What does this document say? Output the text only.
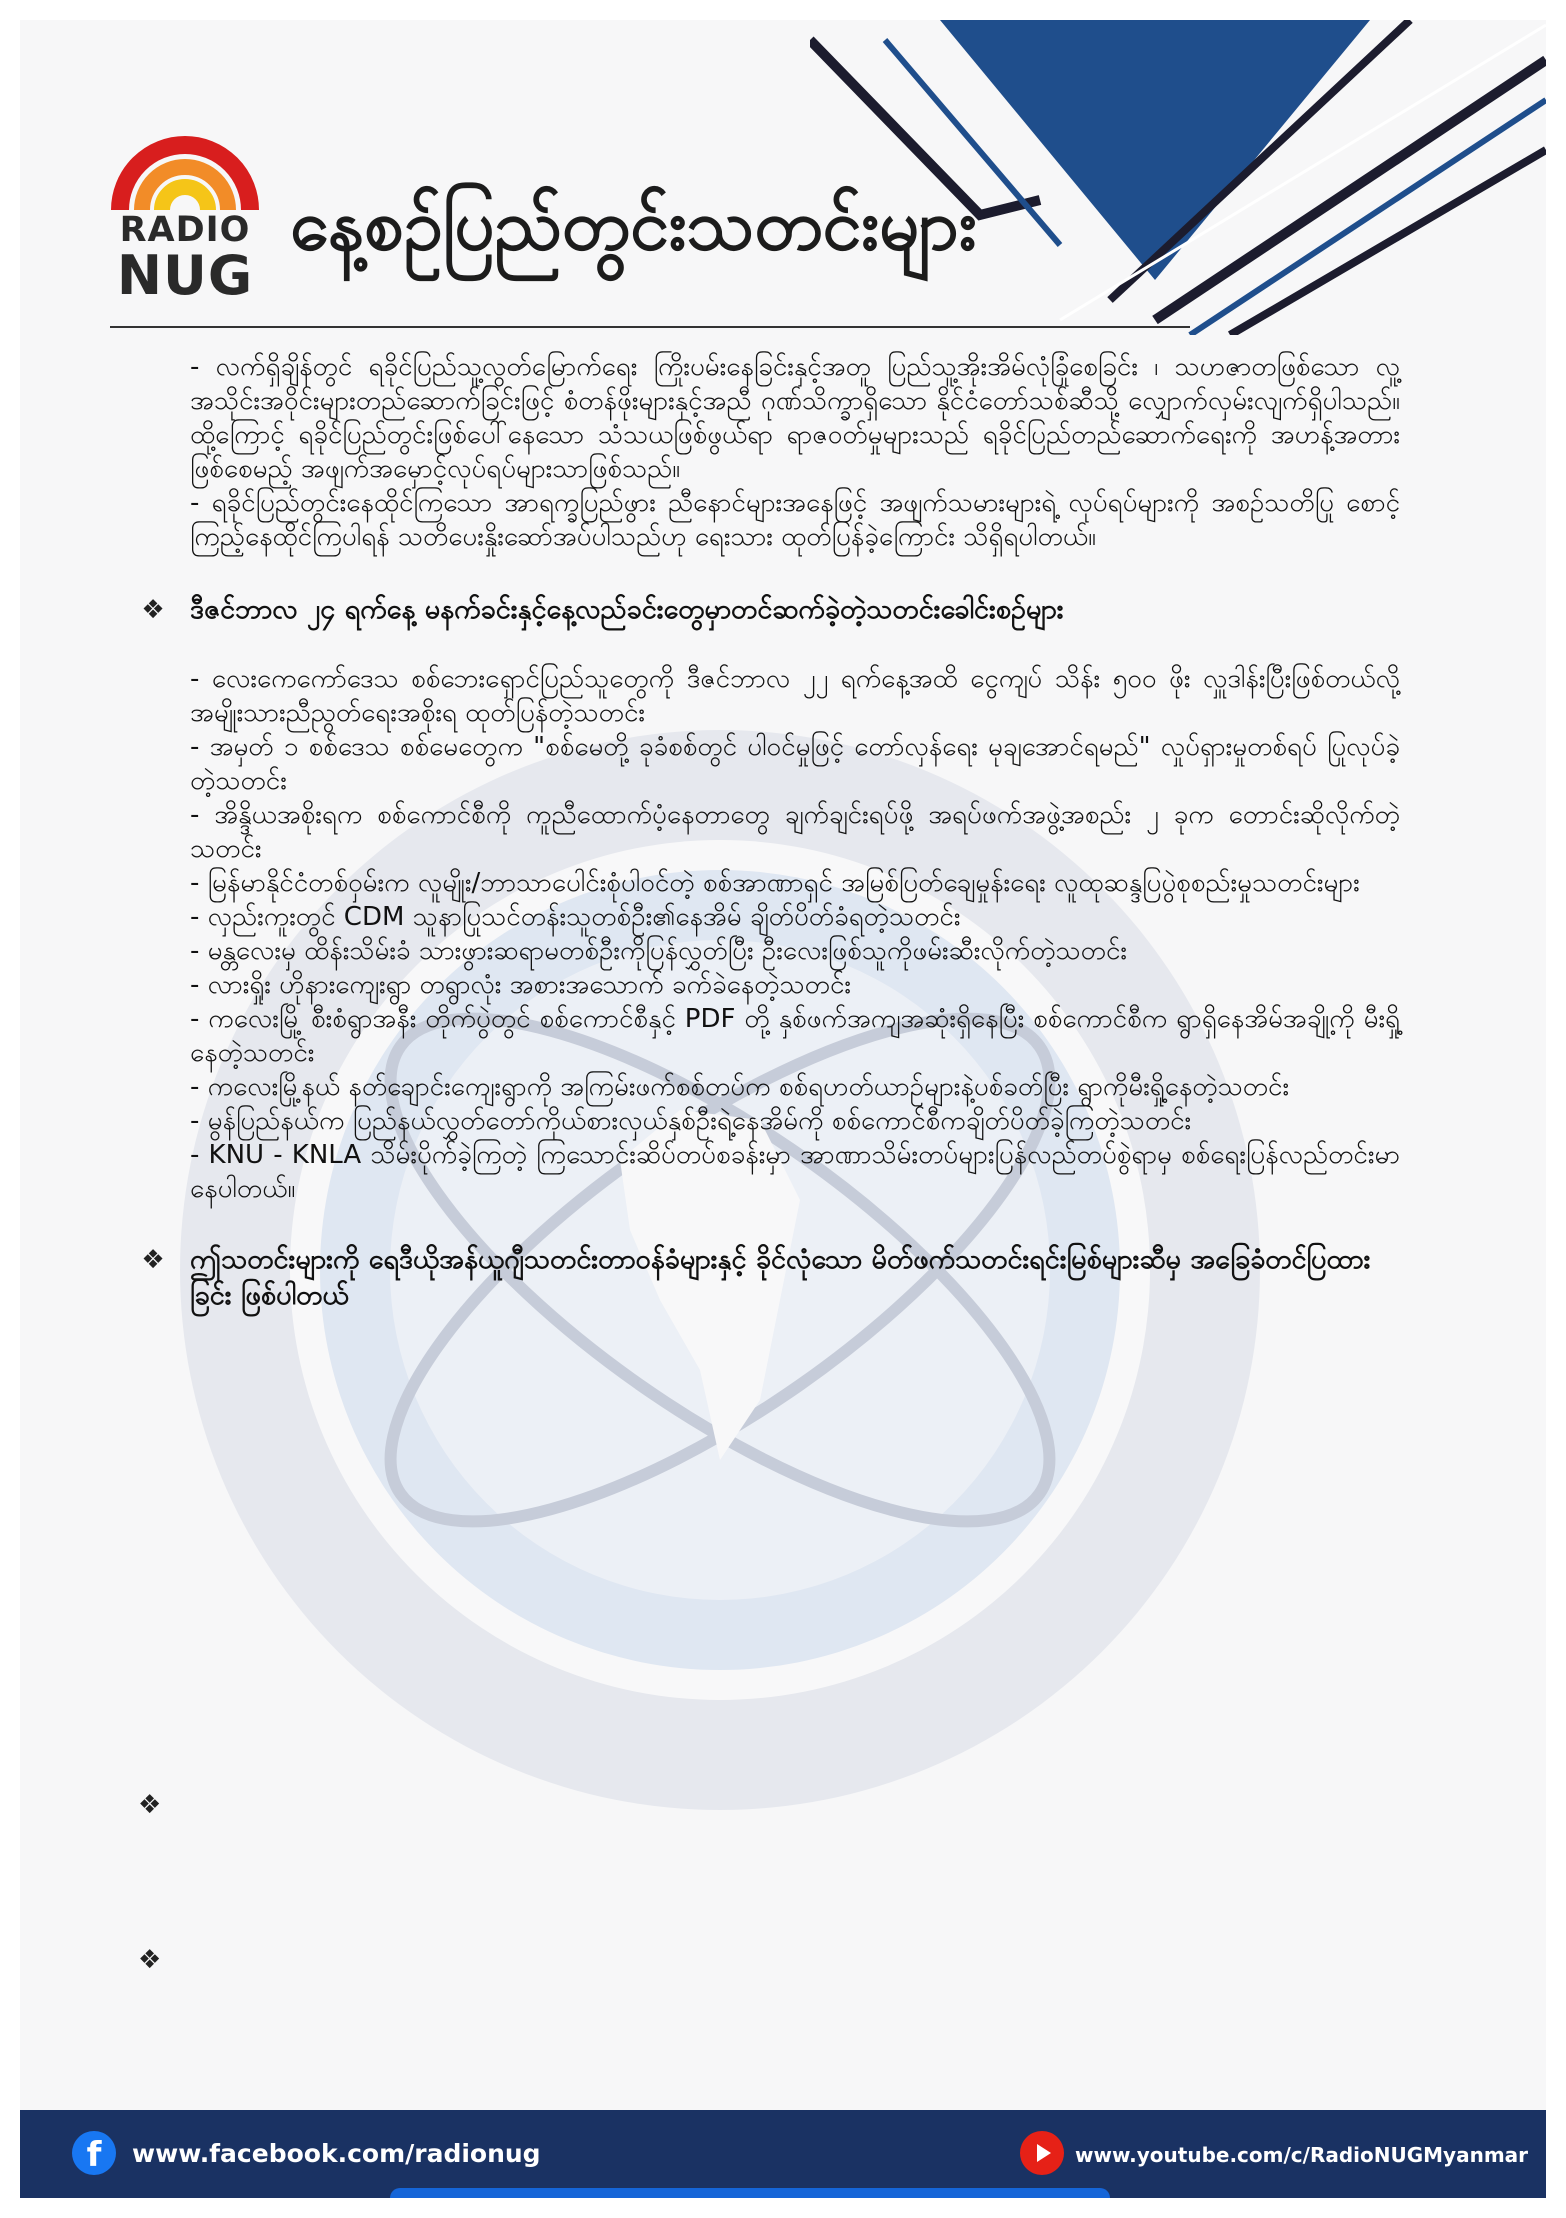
RADIO
NUG
နေ့စဉ်ပြည်တွင်းသတင်းများ

- လက်ရှိချိန်တွင် ရခိုင်ပြည်သူ့လွတ်မြောက်ရေး ကြိုးပမ်းနေခြင်းနှင့်အတူ ပြည်သူ့အိုးအိမ်လုံခြုံစေခြင်း ၊ သဟဇာတဖြစ်သော လူ့အသိုင်းအဝိုင်းများတည်ဆောက်ခြင်းဖြင့် စံတန်ဖိုးများနှင့်အညီ ဂုဏ်သိက္ခာရှိသော နိုင်ငံတော်သစ်ဆီသို့ လျှောက်လှမ်းလျက်ရှိပါသည်။ ထို့ကြောင့် ရခိုင်ပြည်တွင်းဖြစ်ပေါ်နေသော သံသယဖြစ်ဖွယ်ရာ ရာဇဝတ်မှုများသည် ရခိုင်ပြည်တည်ဆောက်ရေးကို အဟန့်အတားဖြစ်စေမည့် အဖျက်အမှောင့်လုပ်ရပ်များသာဖြစ်သည်။

- ရခိုင်ပြည်တွင်းနေထိုင်ကြသော အာရက္ခပြည်ဖွား ညီနောင်များအနေဖြင့် အဖျက်သမားများရဲ့ လုပ်ရပ်များကို အစဉ်သတိပြု စောင့်ကြည့်နေထိုင်ကြပါရန် သတိပေးနှိုးဆော်အပ်ပါသည်ဟု ရေးသား ထုတ်ပြန်ခဲ့ကြောင်း သိရှိရပါတယ်။

❖ ဒီဇင်ဘာလ ၂၄ ရက်နေ့ မနက်ခင်းနှင့်နေ့လည်ခင်းတွေမှာတင်ဆက်ခဲ့တဲ့သတင်းခေါင်းစဉ်များ

- လေးကေကော်ဒေသ စစ်ဘေးရှောင်ပြည်သူတွေကို ဒီဇင်ဘာလ ၂၂ ရက်နေ့အထိ ငွေကျပ် သိန်း ၅၀၀ ဖိုး လှူဒါန်းပြီးဖြစ်တယ်လို့ အမျိုးသားညီညွတ်ရေးအစိုးရ ထုတ်ပြန်တဲ့သတင်း

- အမှတ် ၁ စစ်ဒေသ စစ်မေတွေက "စစ်မေတို့ ခုခံစစ်တွင် ပါဝင်မှုဖြင့် တော်လှန်ရေး မုချအောင်ရမည်" လှုပ်ရှားမှုတစ်ရပ် ပြုလုပ်ခဲ့တဲ့သတင်း

- အိန္ဒိယအစိုးရက စစ်ကောင်စီကို ကူညီထောက်ပံ့နေတာတွေ ချက်ချင်းရပ်ဖို့ အရပ်ဖက်အဖွဲ့အစည်း ၂ ခုက တောင်းဆိုလိုက်တဲ့သတင်း

- မြန်မာနိုင်ငံတစ်ဝှမ်းက လူမျိုး/ဘာသာပေါင်းစုံပါဝင်တဲ့ စစ်အာဏာရှင် အမြစ်ပြတ်ချေမှုန်းရေး လူထုဆန္ဒပြပွဲစုစည်းမှုသတင်းများ

- လှည်းကူးတွင် CDM သူနာပြုသင်တန်းသူတစ်ဦး၏နေအိမ် ချိတ်ပိတ်ခံရတဲ့သတင်း

- မန္တလေးမှ ထိန်းသိမ်းခံ သားဖွားဆရာမတစ်ဦးကိုပြန်လွှတ်ပြီး ဦးလေးဖြစ်သူကိုဖမ်းဆီးလိုက်တဲ့သတင်း

- လားရှိုး ဟိုနားကျေးရွာ တရွာလုံး အစားအသောက် ခက်ခဲနေတဲ့သတင်း

- ကလေးမြို့ စီးစံရွာအနီး တိုက်ပွဲတွင် စစ်ကောင်စီနှင့် PDF တို့ နှစ်ဖက်အကျအဆုံးရှိနေပြီး စစ်ကောင်စီက ရွာရှိနေအိမ်အချို့ကို မီးရှို့နေတဲ့သတင်း

- ကလေးမြို့နယ် နတ်ချောင်းကျေးရွာကို အကြမ်းဖက်စစ်တပ်က စစ်ရဟတ်ယာဉ်များနဲ့ပစ်ခတ်ပြီး ရွာကိုမီးရှို့နေတဲ့သတင်း

- မွန်ပြည်နယ်က ပြည်နယ်လွှတ်တော်ကိုယ်စားလှယ်နှစ်ဦးရဲ့နေအိမ်ကို စစ်ကောင်စီကချိတ်ပိတ်ခဲ့ကြတဲ့သတင်း

- KNU - KNLA သိမ်းပိုက်ခဲ့ကြတဲ့ ကြသောင်းဆိပ်တပ်စခန်းမှာ အာဏာသိမ်းတပ်များပြန်လည်တပ်စွဲရာမှ စစ်ရေးပြန်လည်တင်းမာနေပါတယ်။

❖ ဤသတင်းများကို ရေဒီယိုအန်ယူဂျီသတင်းတာဝန်ခံများနှင့် ခိုင်လုံသော မိတ်ဖက်သတင်းရင်းမြစ်များဆီမှ အခြေခံတင်ပြထားခြင်း ဖြစ်ပါတယ်
❖
❖
f	www.facebook.com/radionug	www.youtube.com/c/RadioNUGMyanmar
